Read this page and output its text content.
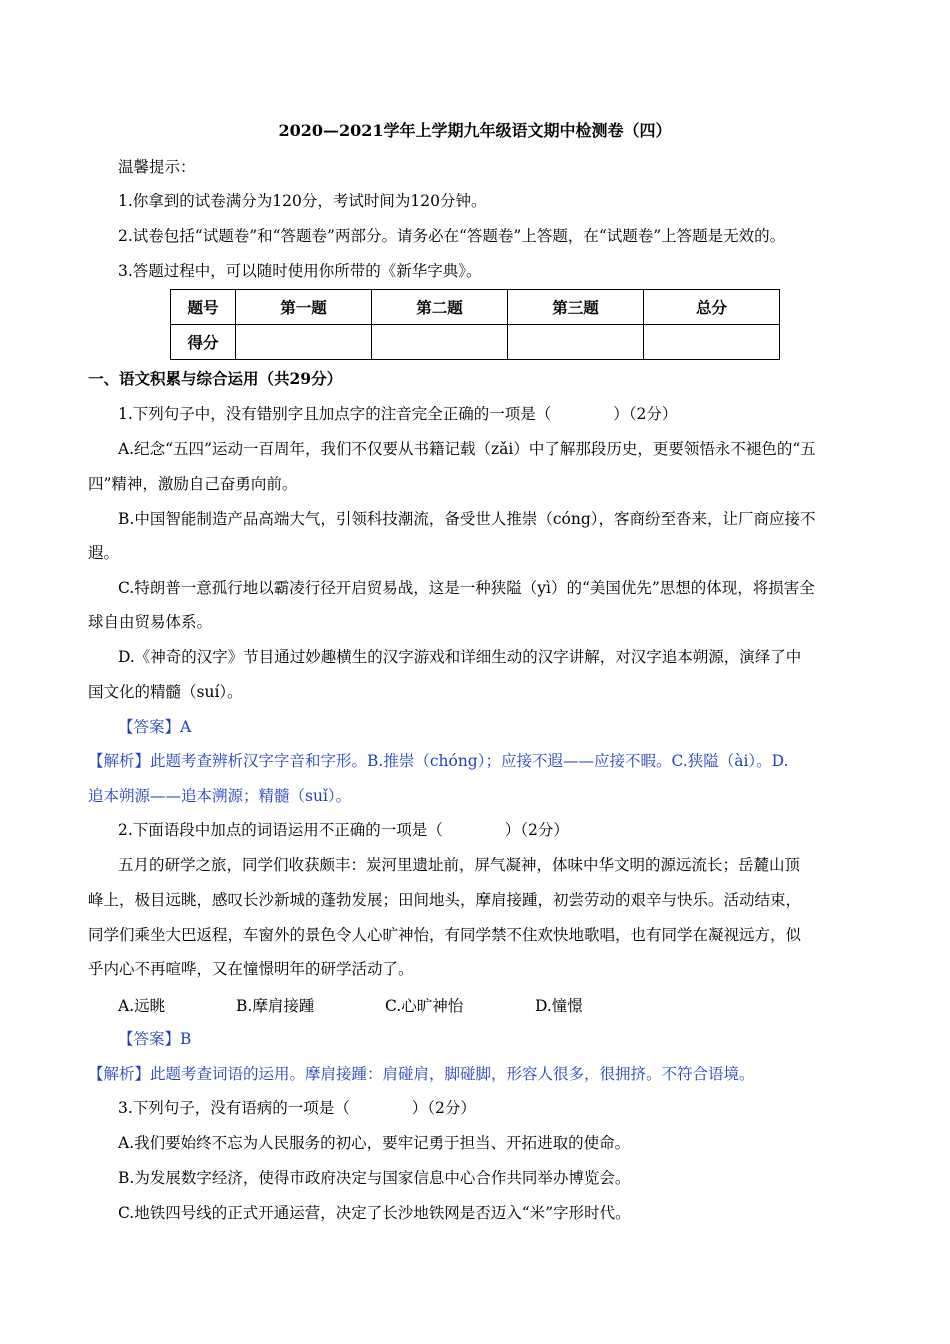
2020—2021学年上学期九年级语文期中检测卷（四）
温馨提示：
1.你拿到的试卷满分为120分，考试时间为120分钟。
2.试卷包括“试题卷”和“答题卷”两部分。请务必在“答题卷”上答题，在“试题卷”上答题是无效的。
3.答题过程中，可以随时使用你所带的《新华字典》。
题号	第一题	第二题	第三题	总分
得分				
一、语文积累与综合运用（共29分）
1.下列句子中，没有错别字且加点字的注音完全正确的一项是（　　　　）（2分）
A.纪念“五四”运动一百周年，我们不仅要从书籍记载（zǎi）中了解那段历史，更要领悟永不褪色的“五
四”精神，激励自己奋勇向前。
B.中国智能制造产品高端大气，引领科技潮流，备受世人推崇（cóng），客商纷至沓来，让厂商应接不
遐。
C.特朗普一意孤行地以霸凌行径开启贸易战，这是一种狭隘（yì）的“美国优先”思想的体现，将损害全
球自由贸易体系。
D.《神奇的汉字》节目通过妙趣横生的汉字游戏和详细生动的汉字讲解，对汉字追本朔源，演绎了中
国文化的精髓（suí）。
【答案】A
【解析】此题考查辨析汉字字音和字形。B.推崇（chóng）；应接不遐——应接不暇。C.狭隘（ài）。D.
追本朔源——追本溯源；精髓（suǐ）。
2.下面语段中加点的词语运用不正确的一项是（　　　　）（2分）
五月的研学之旅，同学们收获颇丰：炭河里遗址前，屏气凝神，体味中华文明的源远流长；岳麓山顶
峰上，极目远眺，感叹长沙新城的蓬勃发展；田间地头，摩肩接踵，初尝劳动的艰辛与快乐。活动结束，
同学们乘坐大巴返程，车窗外的景色令人心旷神怡，有同学禁不住欢快地歌唱，也有同学在凝视远方，似
乎内心不再喧哗，又在憧憬明年的研学活动了。
A.远眺	B.摩肩接踵	C.心旷神怡	D.憧憬
【答案】B
【解析】此题考查词语的运用。摩肩接踵：肩碰肩，脚碰脚，形容人很多，很拥挤。不符合语境。
3.下列句子，没有语病的一项是（　　　　）（2分）
A.我们要始终不忘为人民服务的初心，要牢记勇于担当、开拓进取的使命。
B.为发展数字经济，使得市政府决定与国家信息中心合作共同举办博览会。
C.地铁四号线的正式开通运营，决定了长沙地铁网是否迈入“米”字形时代。
